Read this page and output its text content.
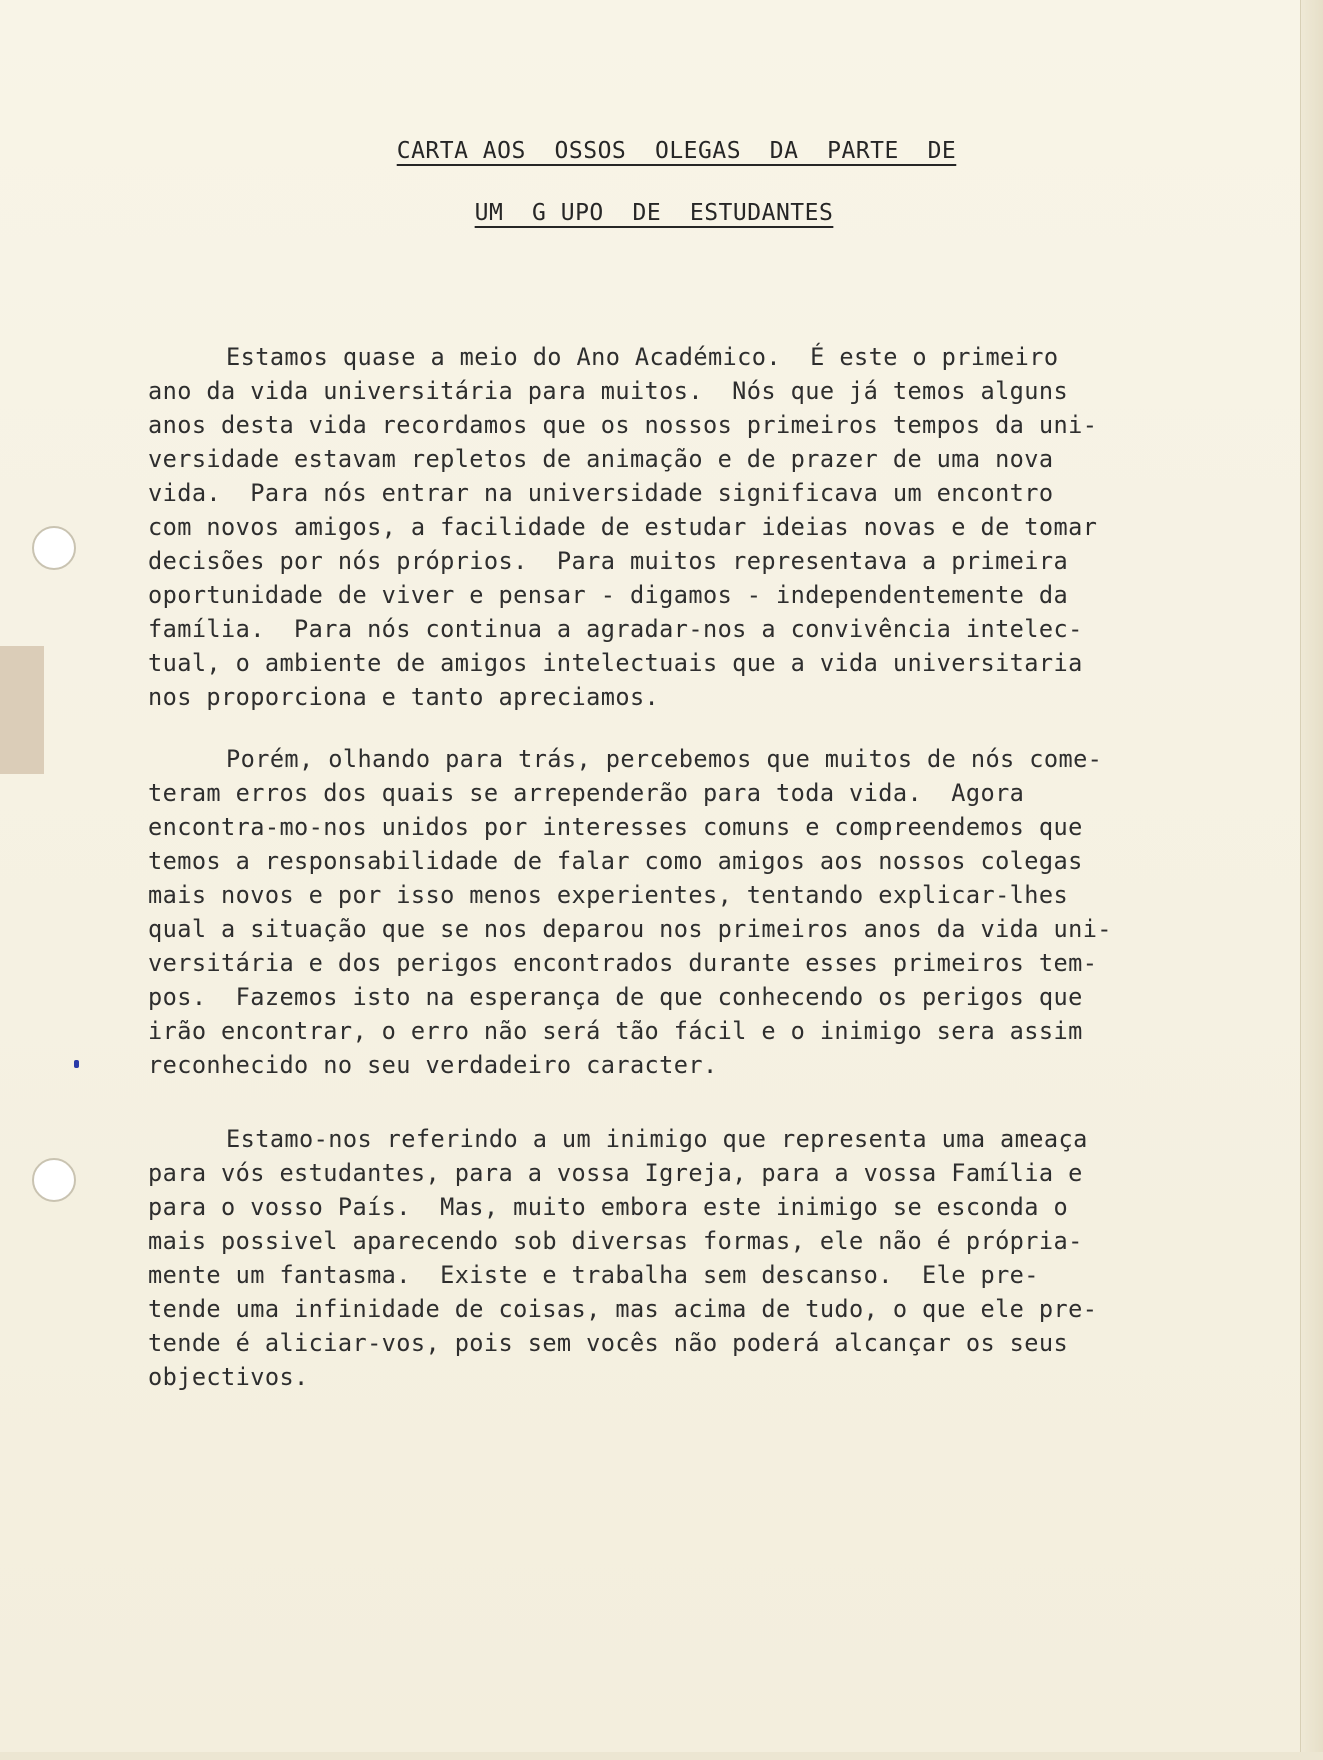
CARTA AOS  OSSOS  OLEGAS  DA  PARTE  DE
UM  G UPO  DE  ESTUDANTES
Estamos quase a meio do Ano Académico.  É este o primeiro
ano da vida universitária para muitos.  Nós que já temos alguns
anos desta vida recordamos que os nossos primeiros tempos da uni-
versidade estavam repletos de animação e de prazer de uma nova
vida.  Para nós entrar na universidade significava um encontro
com novos amigos, a facilidade de estudar ideias novas e de tomar
decisões por nós próprios.  Para muitos representava a primeira
oportunidade de viver e pensar - digamos - independentemente da
família.  Para nós continua a agradar-nos a convivência intelec-
tual, o ambiente de amigos intelectuais que a vida universitaria
nos proporciona e tanto apreciamos.
Porém, olhando para trás, percebemos que muitos de nós come-
teram erros dos quais se arrependerão para toda vida.  Agora
encontra-mo-nos unidos por interesses comuns e compreendemos que
temos a responsabilidade de falar como amigos aos nossos colegas
mais novos e por isso menos experientes, tentando explicar-lhes
qual a situação que se nos deparou nos primeiros anos da vida uni-
versitária e dos perigos encontrados durante esses primeiros tem-
pos.  Fazemos isto na esperança de que conhecendo os perigos que
irão encontrar, o erro não será tão fácil e o inimigo sera assim
reconhecido no seu verdadeiro caracter.
Estamo-nos referindo a um inimigo que representa uma ameaça
para vós estudantes, para a vossa Igreja, para a vossa Família e
para o vosso País.  Mas, muito embora este inimigo se esconda o
mais possivel aparecendo sob diversas formas, ele não é própria-
mente um fantasma.  Existe e trabalha sem descanso.  Ele pre-
tende uma infinidade de coisas, mas acima de tudo, o que ele pre-
tende é aliciar-vos, pois sem vocês não poderá alcançar os seus
objectivos.
